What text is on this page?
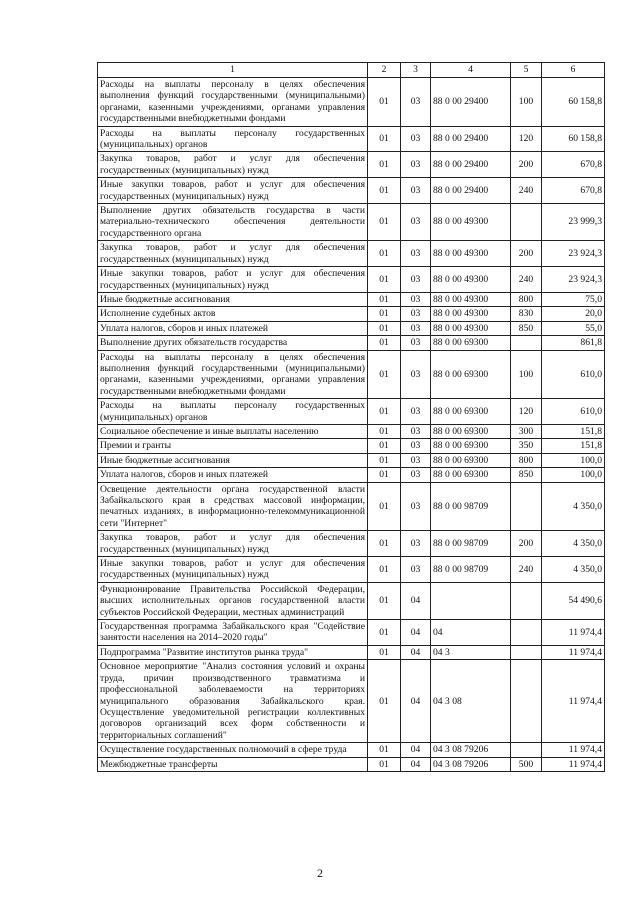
1	2	3	4	5	6
Расходы на выплаты персоналу в целях обеспечения выполнения функций государственными (муниципальными) органами, казенными учреждениями, органами управления государственными внебюджетными фондами	01	03	88 0 00 29400	100	60 158,8
Расходы на выплаты персоналу государственных (муниципальных) органов	01	03	88 0 00 29400	120	60 158,8
Закупка товаров, работ и услуг для обеспечения государственных (муниципальных) нужд	01	03	88 0 00 29400	200	670,8
Иные закупки товаров, работ и услуг для обеспечения государственных (муниципальных) нужд	01	03	88 0 00 29400	240	670,8
Выполнение других обязательств государства в части материально-технического обеспечения деятельности государственного органа	01	03	88 0 00 49300		23 999,3
Закупка товаров, работ и услуг для обеспечения государственных (муниципальных) нужд	01	03	88 0 00 49300	200	23 924,3
Иные закупки товаров, работ и услуг для обеспечения государственных (муниципальных) нужд	01	03	88 0 00 49300	240	23 924,3
Иные бюджетные ассигнования	01	03	88 0 00 49300	800	75,0
Исполнение судебных актов	01	03	88 0 00 49300	830	20,0
Уплата налогов, сборов и иных платежей	01	03	88 0 00 49300	850	55,0
Выполнение других обязательств государства	01	03	88 0 00 69300		861,8
Расходы на выплаты персоналу в целях обеспечения выполнения функций государственными (муниципальными) органами, казенными учреждениями, органами управления государственными внебюджетными фондами	01	03	88 0 00 69300	100	610,0
Расходы на выплаты персоналу государственных (муниципальных) органов	01	03	88 0 00 69300	120	610,0
Социальное обеспечение и иные выплаты населению	01	03	88 0 00 69300	300	151,8
Премии и гранты	01	03	88 0 00 69300	350	151,8
Иные бюджетные ассигнования	01	03	88 0 00 69300	800	100,0
Уплата налогов, сборов и иных платежей	01	03	88 0 00 69300	850	100,0
Освещение деятельности органа государственной власти Забайкальского края в средствах массовой информации, печатных изданиях, в информационно-телекоммуникационной сети "Интернет"	01	03	88 0 00 98709		4 350,0
Закупка товаров, работ и услуг для обеспечения государственных (муниципальных) нужд	01	03	88 0 00 98709	200	4 350,0
Иные закупки товаров, работ и услуг для обеспечения государственных (муниципальных) нужд	01	03	88 0 00 98709	240	4 350,0
Функционирование Правительства Российской Федерации, высших исполнительных органов государственной власти субъектов Российской Федерации, местных администраций	01	04			54 490,6
Государственная программа Забайкальского края "Содействие занятости населения на 2014–2020 годы"	01	04	04		11 974,4
Подпрограмма "Развитие институтов рынка труда"	01	04	04 3		11 974,4
Основное мероприятие "Анализ состояния условий и охраны труда, причин производственного травматизма и профессиональной заболеваемости на территориях муниципального образования Забайкальского края. Осуществление уведомительной регистрации коллективных договоров организаций всех форм собственности и территориальных соглашений"	01	04	04 3 08		11 974,4
Осуществление государственных полномочий в сфере труда	01	04	04 3 08 79206		11 974,4
Межбюджетные трансферты	01	04	04 3 08 79206	500	11 974,4
2
